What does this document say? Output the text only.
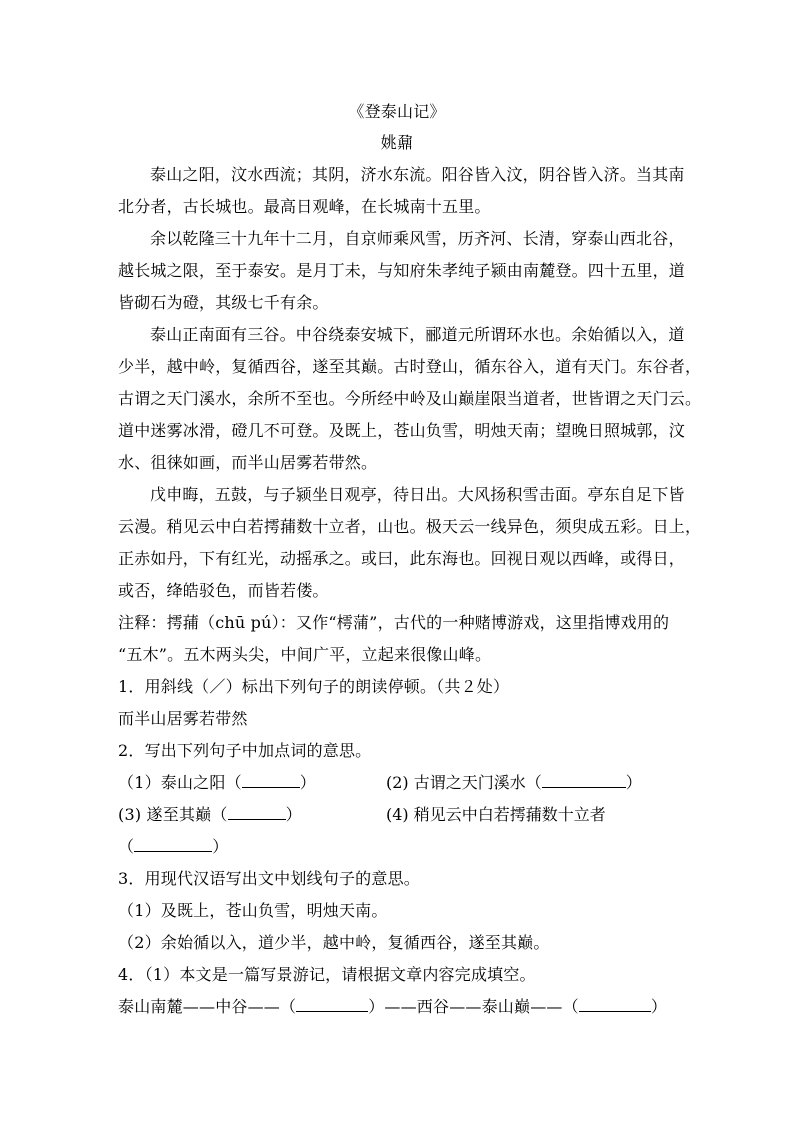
《登泰山记》
姚鼐
泰山之阳，汶水西流；其阴，济水东流。阳谷皆入汶，阴谷皆入济。当其南
北分者，古长城也。最高日观峰，在长城南十五里。
余以乾隆三十九年十二月，自京师乘风雪，历齐河、长清，穿泰山西北谷，
越长城之限，至于泰安。是月丁未，与知府朱孝纯子颍由南麓登。四十五里，道
皆砌石为磴，其级七千有余。
泰山正南面有三谷。中谷绕泰安城下，郦道元所谓环水也。余始循以入，道
少半，越中岭，复循西谷，遂至其巅。古时登山，循东谷入，道有天门。东谷者，
古谓之天门溪水，余所不至也。今所经中岭及山巅崖限当道者，世皆谓之天门云。
道中迷雾冰滑，磴几不可登。及既上，苍山负雪，明烛天南；望晚日照城郭，汶
水、徂徕如画，而半山居雾若带然。
戊申晦，五鼓，与子颍坐日观亭，待日出。大风扬积雪击面。亭东自足下皆
云漫。稍见云中白若摴蒱数十立者，山也。极天云一线异色，须臾成五彩。日上，
正赤如丹，下有红光，动摇承之。或曰，此东海也。回视日观以西峰，或得日，
或否，绛皓驳色，而皆若偻。
注释：摴蒱（chū pú）：又作“樗蒲”，古代的一种赌博游戏，这里指博戏用的
“五木”。五木两头尖，中间广平，立起来很像山峰。
1．用斜线（／）标出下列句子的朗读停顿。（共２处）
而半山居雾若带然
2．写出下列句子中加点词的意思。
（1）泰山之阳（	）	(2) 古谓之天门溪水（	）
(3) 遂至其巅（	）	(4) 稍见云中白若摴蒱数十立者
（	）
3．用现代汉语写出文中划线句子的意思。
（1）及既上，苍山负雪，明烛天南。
（2）余始循以入，道少半，越中岭，复循西谷，遂至其巅。
4．（1）本文是一篇写景游记，请根据文章内容完成填空。
泰山南麓——中谷——（	）——西谷——泰山巅——（	）
